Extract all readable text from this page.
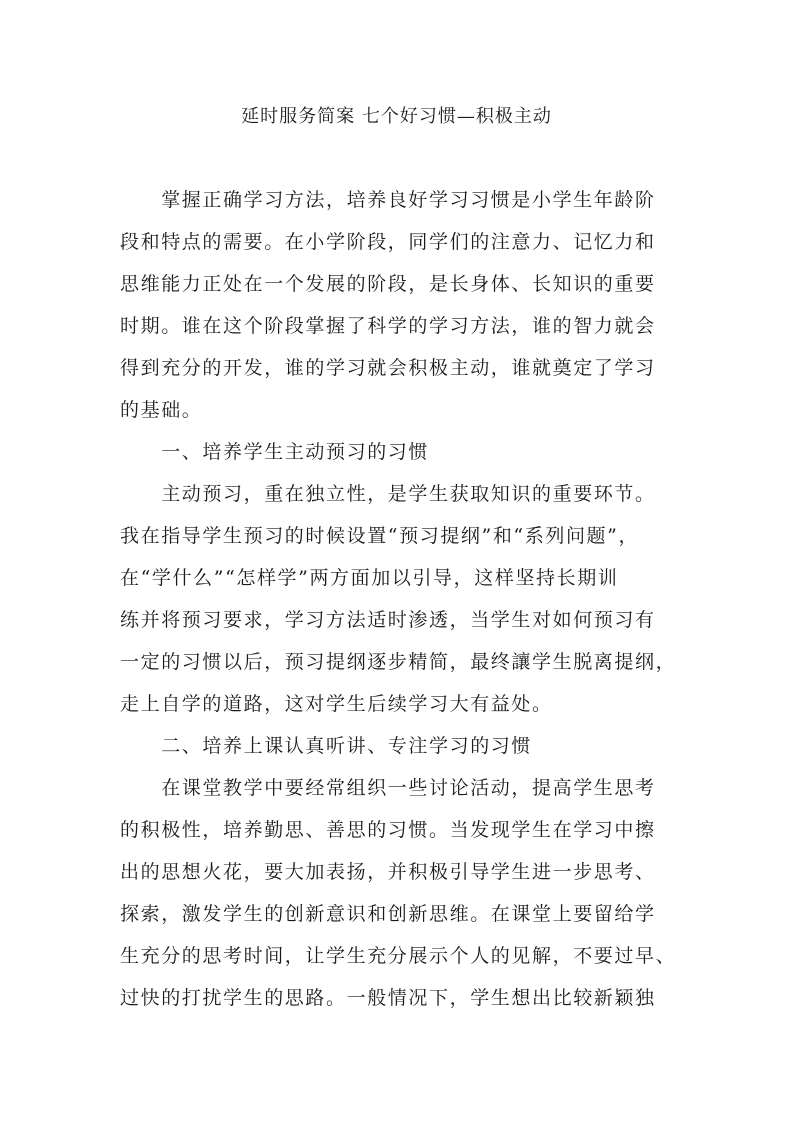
延时服务简案 七个好习惯—积极主动
　　掌握正确学习方法，培养良好学习习惯是小学生年龄阶
段和特点的需要。在小学阶段，同学们的注意力、记忆力和
思维能力正处在一个发展的阶段，是长身体、长知识的重要
时期。谁在这个阶段掌握了科学的学习方法，谁的智力就会
得到充分的开发，谁的学习就会积极主动，谁就奠定了学习
的基础。
　　一、培养学生主动预习的习惯
　　主动预习，重在独立性，是学生获取知识的重要环节。
我在指导学生预习的时候设置“预习提纲”和“系列问题”，
在“学什么”“怎样学”两方面加以引导，这样坚持长期训
练并将预习要求，学习方法适时渗透，当学生对如何预习有
一定的习惯以后，预习提纲逐步精简，最终讓学生脱离提纲，
走上自学的道路，这对学生后续学习大有益处。
　　二、培养上课认真听讲、专注学习的习惯
　　在课堂教学中要经常组织一些讨论活动，提高学生思考
的积极性，培养勤思、善思的习惯。当发现学生在学习中擦
出的思想火花，要大加表扬，并积极引导学生进一步思考、
探索，激发学生的创新意识和创新思维。在课堂上要留给学
生充分的思考时间，让学生充分展示个人的见解，不要过早、
过快的打扰学生的思路。一般情况下，学生想出比较新颖独
